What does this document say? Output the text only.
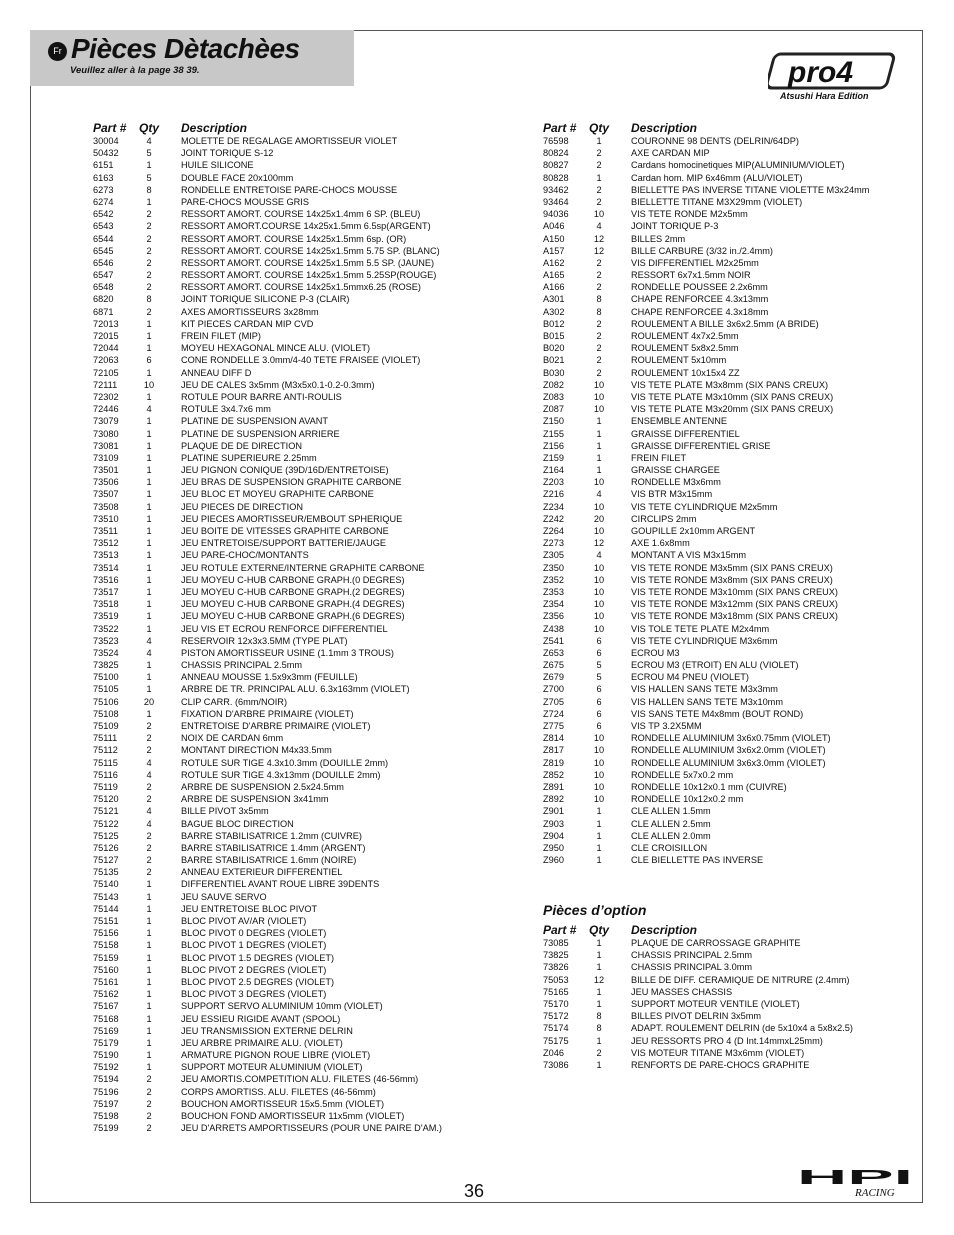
Fr Pièces Dètachèes
Veuillez aller à la page 38 39.	pro4
Atsushi Hara Edition
Part # Qty Description
30004	4	MOLETTE DE REGALAGE AMORTISSEUR VIOLET
50432	5	JOINT TORIQUE S-12
6151	1	HUILE SILICONE
6163	5	DOUBLE FACE 20x100mm
6273	8	RONDELLE ENTRETOISE PARE-CHOCS MOUSSE
6274	1	PARE-CHOCS MOUSSE GRIS
6542	2	RESSORT AMORT. COURSE 14x25x1.4mm 6 SP. (BLEU)
6543	2	RESSORT AMORT.COURSE 14x25x1.5mm 6.5sp(ARGENT)
6544	2	RESSORT AMORT. COURSE 14x25x1.5mm 6sp. (OR)
6545	2	RESSORT AMORT. COURSE 14x25x1.5mm 5.75 SP. (BLANC)
6546	2	RESSORT AMORT. COURSE 14x25x1.5mm 5.5 SP. (JAUNE)
6547	2	RESSORT AMORT. COURSE 14x25x1.5mm 5.25SP(ROUGE)
6548	2	RESSORT AMORT. COURSE 14x25x1.5mmx6.25 (ROSE)
6820	8	JOINT TORIQUE SILICONE P-3 (CLAIR)
6871	2	AXES AMORTISSEURS 3x28mm
72013	1	KIT PIECES CARDAN MIP CVD
72015	1	FREIN FILET (MIP)
72044	1	MOYEU HEXAGONAL MINCE ALU. (VIOLET)
72063	6	CONE RONDELLE 3.0mm/4-40 TETE FRAISEE (VIOLET)
72105	1	ANNEAU DIFF D
72111	10	JEU DE CALES 3x5mm (M3x5x0.1-0.2-0.3mm)
72302	1	ROTULE POUR BARRE ANTI-ROULIS
72446	4	ROTULE 3x4.7x6 mm
73079	1	PLATINE DE SUSPENSION AVANT
73080	1	PLATINE DE SUSPENSION ARRIERE
73081	1	PLAQUE DE DE DIRECTION
73109	1	PLATINE SUPERIEURE 2.25mm
73501	1	JEU PIGNON CONIQUE (39D/16D/ENTRETOISE)
73506	1	JEU BRAS DE SUSPENSION GRAPHITE CARBONE
73507	1	JEU BLOC ET MOYEU GRAPHITE CARBONE
73508	1	JEU PIECES DE DIRECTION
73510	1	JEU PIECES AMORTISSEUR/EMBOUT SPHERIQUE
73511	1	JEU BOITE DE VITESSES GRAPHITE CARBONE
73512	1	JEU ENTRETOISE/SUPPORT BATTERIE/JAUGE
73513	1	JEU PARE-CHOC/MONTANTS
73514	1	JEU ROTULE EXTERNE/INTERNE GRAPHITE CARBONE
73516	1	JEU MOYEU C-HUB CARBONE GRAPH.(0 DEGRES)
73517	1	JEU MOYEU C-HUB CARBONE GRAPH.(2 DEGRES)
73518	1	JEU MOYEU C-HUB CARBONE GRAPH.(4 DEGRES)
73519	1	JEU MOYEU C-HUB CARBONE GRAPH.(6 DEGRES)
73522	1	JEU VIS ET ECROU RENFORCE DIFFERENTIEL
73523	4	RESERVOIR 12x3x3.5MM (TYPE PLAT)
73524	4	PISTON AMORTISSEUR USINE (1.1mm 3 TROUS)
73825	1	CHASSIS PRINCIPAL 2.5mm
75100	1	ANNEAU MOUSSE 1.5x9x3mm (FEUILLE)
75105	1	ARBRE DE TR. PRINCIPAL ALU. 6.3x163mm (VIOLET)
75106	20	CLIP CARR. (6mm/NOIR)
75108	1	FIXATION D'ARBRE PRIMAIRE (VIOLET)
75109	2	ENTRETOISE D'ARBRE PRIMAIRE (VIOLET)
75111	2	NOIX DE CARDAN 6mm
75112	2	MONTANT DIRECTION M4x33.5mm
75115	4	ROTULE SUR TIGE 4.3x10.3mm (DOUILLE 2mm)
75116	4	ROTULE SUR TIGE 4.3x13mm (DOUILLE 2mm)
75119	2	ARBRE DE SUSPENSION 2.5x24.5mm
75120	2	ARBRE DE SUSPENSION 3x41mm
75121	4	BILLE PIVOT 3x5mm
75122	4	BAGUE BLOC DIRECTION
75125	2	BARRE STABILISATRICE 1.2mm (CUIVRE)
75126	2	BARRE STABILISATRICE 1.4mm (ARGENT)
75127	2	BARRE STABILISATRICE 1.6mm (NOIRE)
75135	2	ANNEAU EXTERIEUR DIFFERENTIEL
75140	1	DIFFERENTIEL AVANT ROUE LIBRE 39DENTS
75143	1	JEU SAUVE SERVO
75144	1	JEU ENTRETOISE BLOC PIVOT
75151	1	BLOC PIVOT AV/AR (VIOLET)
75156	1	BLOC PIVOT 0 DEGRES (VIOLET)
75158	1	BLOC PIVOT 1 DEGRES (VIOLET)
75159	1	BLOC PIVOT 1.5 DEGRES (VIOLET)
75160	1	BLOC PIVOT 2 DEGRES (VIOLET)
75161	1	BLOC PIVOT 2.5 DEGRES (VIOLET)
75162	1	BLOC PIVOT 3 DEGRES (VIOLET)
75167	1	SUPPORT SERVO ALUMINIUM 10mm (VIOLET)
75168	1	JEU ESSIEU RIGIDE AVANT (SPOOL)
75169	1	JEU TRANSMISSION EXTERNE DELRIN
75179	1	JEU ARBRE PRIMAIRE ALU. (VIOLET)
75190	1	ARMATURE PIGNON ROUE LIBRE (VIOLET)
75192	1	SUPPORT MOTEUR ALUMINIUM (VIOLET)
75194	2	JEU AMORTIS.COMPETITION ALU. FILETES (46-56mm)
75196	2	CORPS AMORTISS. ALU. FILETES (46-56mm)
75197	2	BOUCHON AMORTISSEUR 15x5.5mm (VIOLET)
75198	2	BOUCHON FOND AMORTISSEUR 11x5mm (VIOLET)
75199	2	JEU D'ARRETS AMPORTISSEURS (POUR UNE PAIRE D'AM.)
Part # Qty Description
76598	1	COURONNE 98 DENTS (DELRIN/64DP)
80824	2	AXE CARDAN MIP
80827	2	Cardans homocinetiques MIP(ALUMINIUM/VIOLET)
80828	1	Cardan hom. MIP 6x46mm (ALU/VIOLET)
93462	2	BIELLETTE PAS INVERSE TITANE VIOLETTE M3x24mm
93464	2	BIELLETTE TITANE M3X29mm (VIOLET)
94036	10	VIS TETE RONDE M2x5mm
A046	4	JOINT TORIQUE P-3
A150	12	BILLES 2mm
A157	12	BILLE CARBURE (3/32 in./2.4mm)
A162	2	VIS DIFFERENTIEL M2x25mm
A165	2	RESSORT 6x7x1.5mm NOIR
A166	2	RONDELLE POUSSEE 2.2x6mm
A301	8	CHAPE RENFORCEE 4.3x13mm
A302	8	CHAPE RENFORCEE 4.3x18mm
B012	2	ROULEMENT A BILLE 3x6x2.5mm (A BRIDE)
B015	2	ROULEMENT 4x7x2.5mm
B020	2	ROULEMENT 5x8x2.5mm
B021	2	ROULEMENT 5x10mm
B030	2	ROULEMENT 10x15x4 ZZ
Z082	10	VIS TETE PLATE M3x8mm (SIX PANS CREUX)
Z083	10	VIS TETE PLATE M3x10mm (SIX PANS CREUX)
Z087	10	VIS TETE PLATE M3x20mm (SIX PANS CREUX)
Z150	1	ENSEMBLE ANTENNE
Z155	1	GRAISSE DIFFERENTIEL
Z156	1	GRAISSE DIFFERENTIEL GRISE
Z159	1	FREIN FILET
Z164	1	GRAISSE CHARGEE
Z203	10	RONDELLE M3x6mm
Z216	4	VIS BTR M3x15mm
Z234	10	VIS TETE CYLINDRIQUE M2x5mm
Z242	20	CIRCLIPS 2mm
Z264	10	GOUPILLE 2x10mm ARGENT
Z273	12	AXE 1.6x8mm
Z305	4	MONTANT A VIS M3x15mm
Z350	10	VIS TETE RONDE M3x5mm (SIX PANS CREUX)
Z352	10	VIS TETE RONDE M3x8mm (SIX PANS CREUX)
Z353	10	VIS TETE RONDE M3x10mm (SIX PANS CREUX)
Z354	10	VIS TETE RONDE M3x12mm (SIX PANS CREUX)
Z356	10	VIS TETE RONDE M3x18mm (SIX PANS CREUX)
Z438	10	VIS TOLE TETE PLATE M2x4mm
Z541	6	VIS TETE CYLINDRIQUE M3x6mm
Z653	6	ECROU M3
Z675	5	ECROU M3 (ETROIT) EN ALU (VIOLET)
Z679	5	ECROU M4 PNEU (VIOLET)
Z700	6	VIS HALLEN SANS TETE M3x3mm
Z705	6	VIS HALLEN SANS TETE M3x10mm
Z724	6	VIS SANS TETE M4x8mm (BOUT ROND)
Z775	6	VIS TP 3.2X5MM
Z814	10	RONDELLE ALUMINIUM 3x6x0.75mm (VIOLET)
Z817	10	RONDELLE ALUMINIUM 3x6x2.0mm (VIOLET)
Z819	10	RONDELLE ALUMINIUM 3x6x3.0mm (VIOLET)
Z852	10	RONDELLE 5x7x0.2 mm
Z891	10	RONDELLE 10x12x0.1 mm (CUIVRE)
Z892	10	RONDELLE 10x12x0.2 mm
Z901	1	CLE ALLEN 1.5mm
Z903	1	CLE ALLEN 2.5mm
Z904	1	CLE ALLEN 2.0mm
Z950	1	CLE CROISILLON
Z960	1	CLE BIELLETTE PAS INVERSE
Pièces d’option
Part # Qty Description
73085	1	PLAQUE DE CARROSSAGE GRAPHITE
73825	1	CHASSIS PRINCIPAL 2.5mm
73826	1	CHASSIS PRINCIPAL 3.0mm
75053	12	BILLE DE DIFF. CERAMIQUE DE NITRURE (2.4mm)
75165	1	JEU MASSES CHASSIS
75170	1	SUPPORT MOTEUR VENTILE (VIOLET)
75172	8	BILLES PIVOT DELRIN 3x5mm
75174	8	ADAPT. ROULEMENT DELRIN (de 5x10x4 a 5x8x2.5)
75175	1	JEU RESSORTS PRO 4 (D Int.14mmxL25mm)
Z046	2	VIS MOTEUR TITANE M3x6mm (VIOLET)
73086	1	RENFORTS DE PARE-CHOCS GRAPHITE
36
HPI
RACING
